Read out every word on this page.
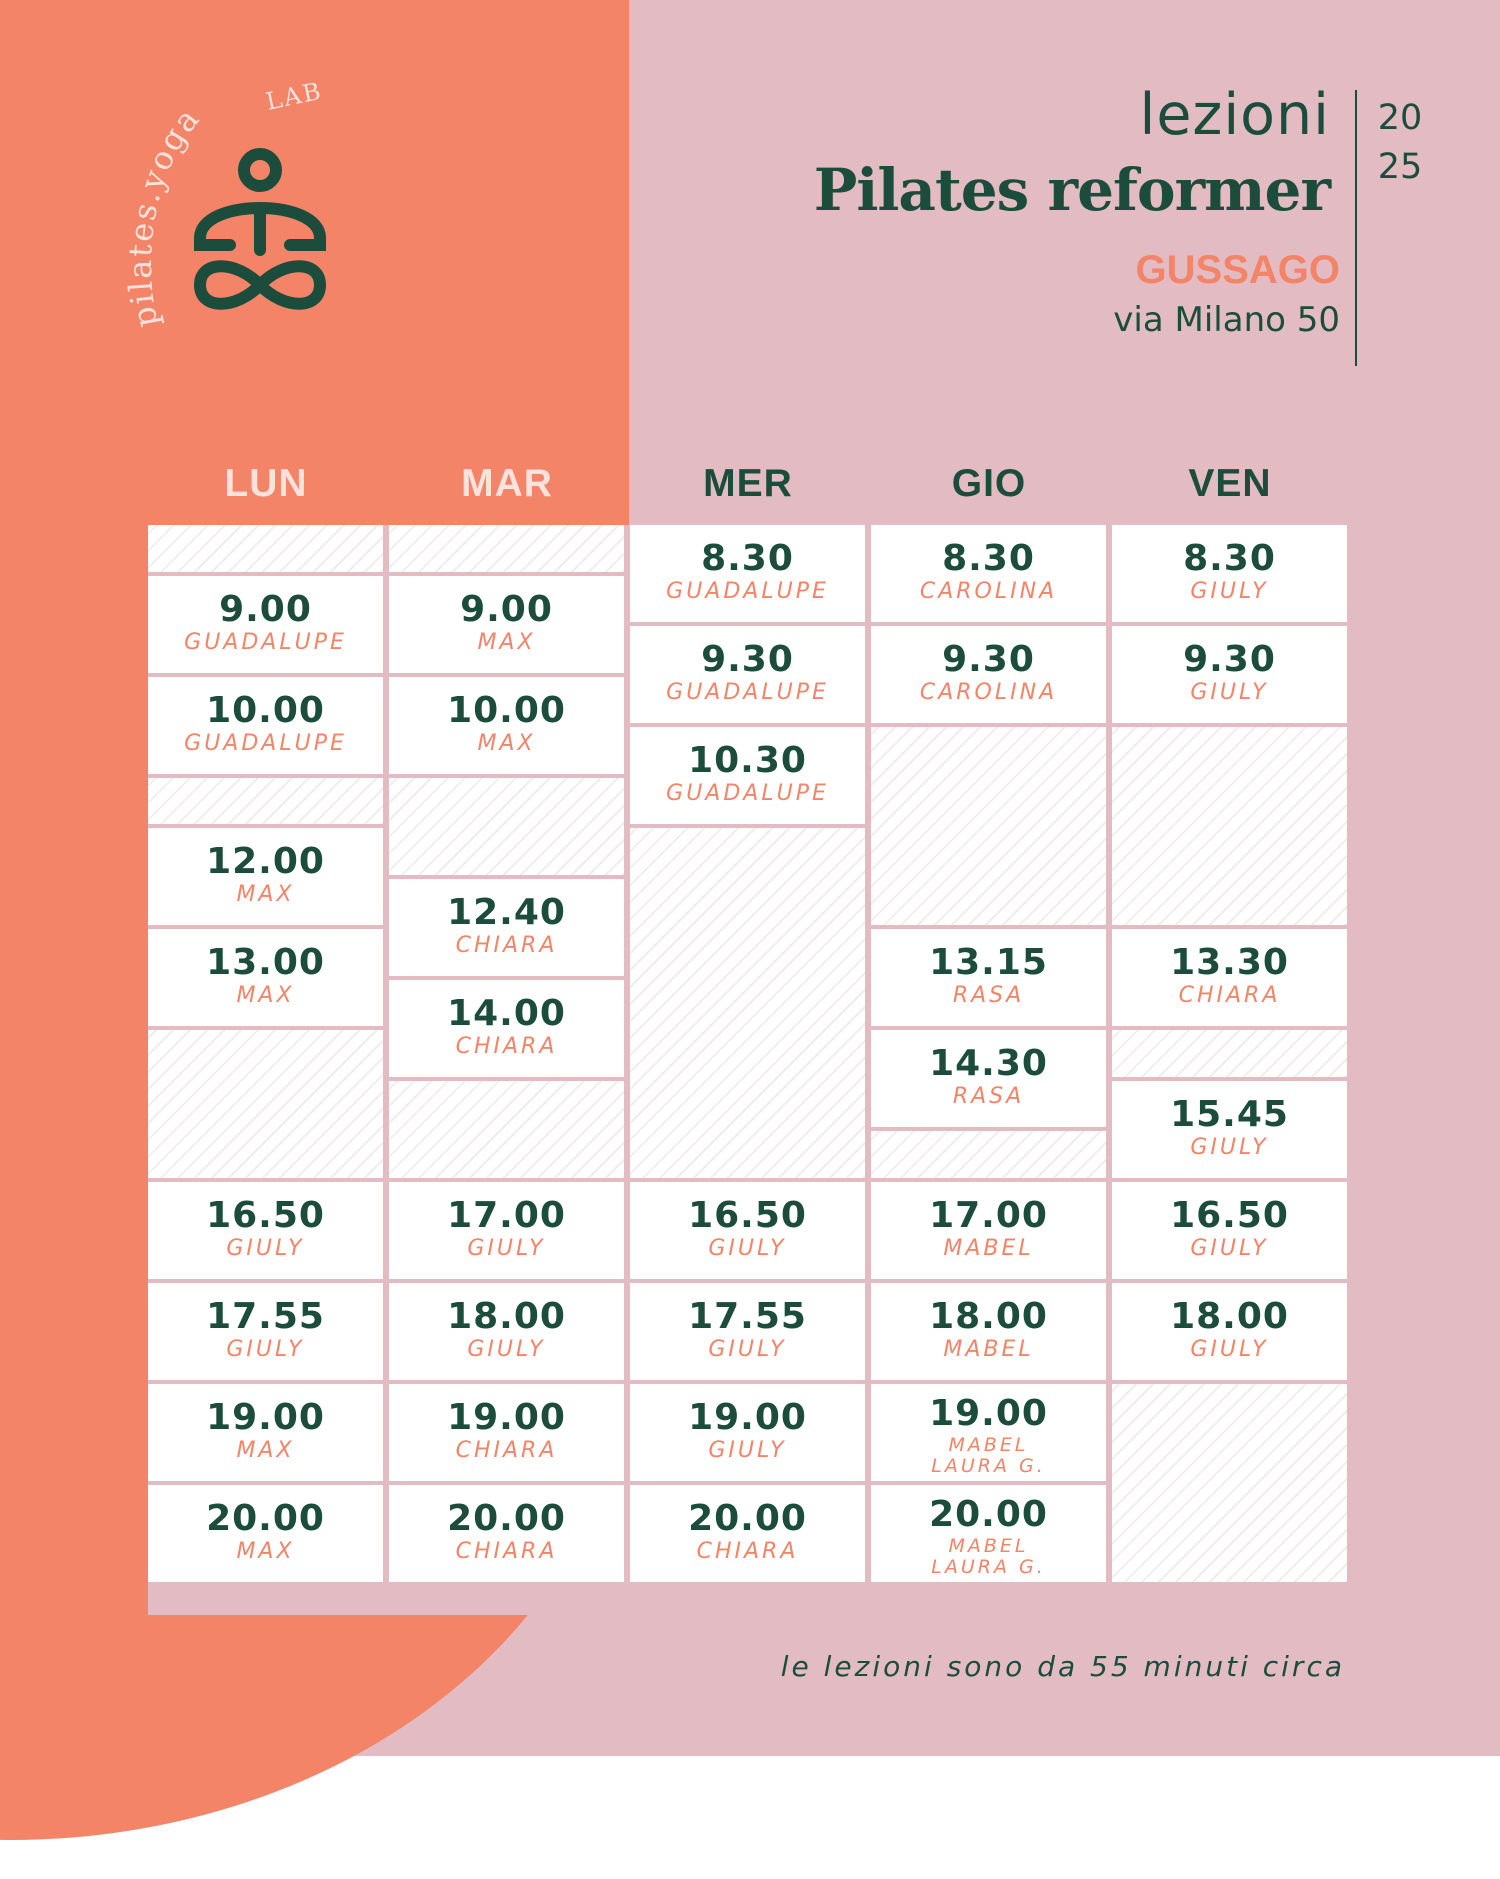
pilates.yoga
LAB	lezioni
Pilates reformer
GUSSAGO
via Milano 50
20
25
LUN
9.00
GUADALUPE
10.00
GUADALUPE
12.00
MAX
13.00
MAX
16.50
GIULY
17.55
GIULY
19.00
MAX
20.00
MAX
MAR
9.00
MAX
10.00
MAX
12.40
CHIARA
14.00
CHIARA
17.00
GIULY
18.00
GIULY
19.00
CHIARA
20.00
CHIARA
MER
8.30
GUADALUPE
9.30
GUADALUPE
10.30
GUADALUPE
16.50
GIULY
17.55
GIULY
19.00
GIULY
20.00
CHIARA
GIO
8.30
CAROLINA
9.30
CAROLINA
13.15
RASA
14.30
RASA
17.00
MABEL
18.00
MABEL
19.00
MABEL
LAURA G.
20.00
MABEL
LAURA G.
VEN
8.30
GIULY
9.30
GIULY
13.30
CHIARA
15.45
GIULY
16.50
GIULY
18.00
GIULY
le lezioni sono da 55 minuti circa
